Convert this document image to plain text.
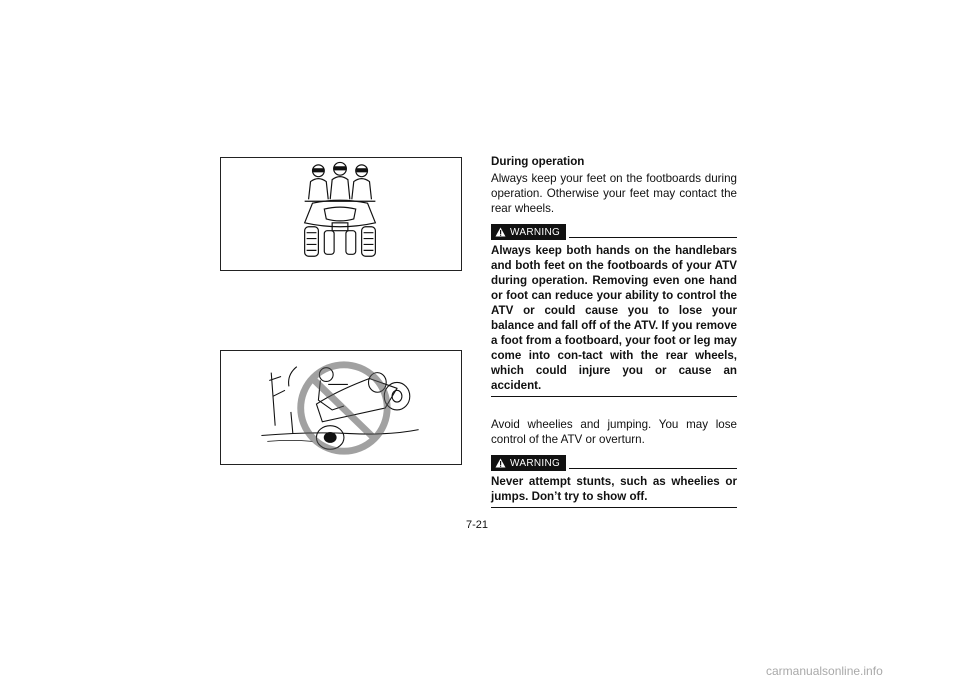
During operation

Always keep your feet on the footboards during operation. Otherwise your feet may contact the rear wheels.

WARNING

Always keep both hands on the handlebars and both feet on the footboards of your ATV during operation. Removing even one hand or foot can reduce your ability to control the ATV or could cause you to lose your balance and fall off of the ATV. If you remove a foot from a footboard, your foot or leg may come into con-tact with the rear wheels, which could injure you or cause an accident.

Avoid wheelies and jumping. You may lose control of the ATV or overturn.

WARNING

Never attempt stunts, such as wheelies or jumps. Don’t try to show off.

7-21
carmanualsonline.info
